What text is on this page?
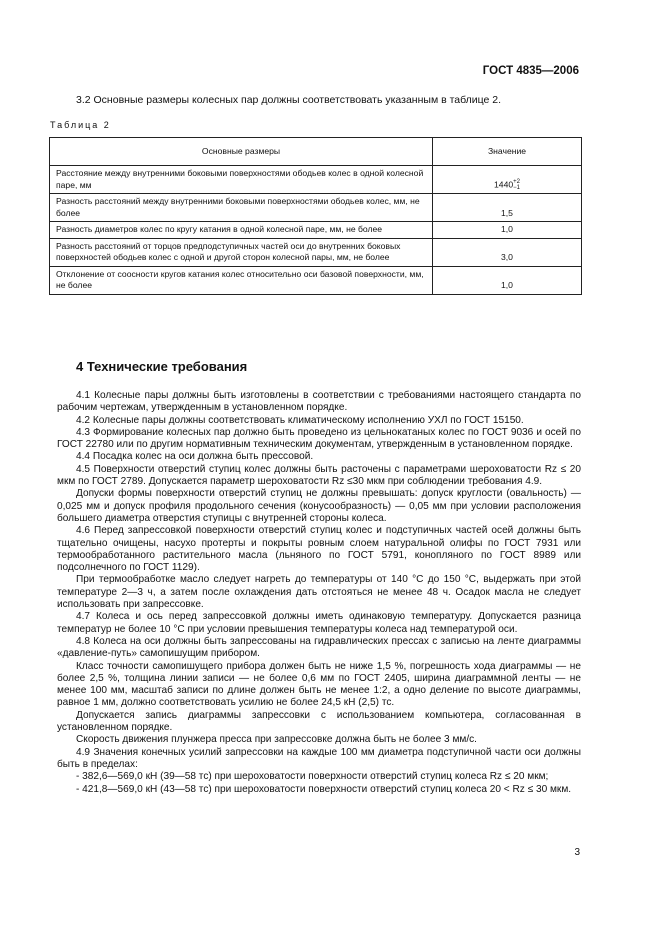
ГОСТ 4835—2006
3.2 Основные размеры колесных пар должны соответствовать указанным в таблице 2.
Таблица 2
Основные размеры	Значение
Расстояние между внутренними боковыми поверхностями ободьев колес в одной колесной паре, мм	1440+2
−1
Разность расстояний между внутренними боковыми поверхностями ободьев колес, мм, не более	1,5
Разность диаметров колес по кругу катания в одной колесной паре, мм, не более	1,0
Разность расстояний от торцов предподступичных частей оси до внутренних боковых поверхностей ободьев колес с одной и другой сторон колесной пары, мм, не более	3,0
Отклонение от соосности кругов катания колес относительно оси базовой поверхности, мм, не более	1,0
4 Технические требования

4.1 Колесные пары должны быть изготовлены в соответствии с требованиями настоящего стандарта по рабочим чертежам, утвержденным в установленном порядке.

4.2 Колесные пары должны соответствовать климатическому исполнению УХЛ по ГОСТ 15150.

4.3 Формирование колесных пар должно быть проведено из цельнокатаных колес по ГОСТ 9036 и осей по ГОСТ 22780 или по другим нормативным техническим документам, утвержденным в установленном порядке.

4.4 Посадка колес на оси должна быть прессовой.

4.5 Поверхности отверстий ступиц колес должны быть расточены с параметрами шероховатости Rz ≤ 20 мкм по ГОСТ 2789. Допускается параметр шероховатости Rz ≤30 мкм при соблюдении требования 4.9.

Допуски формы поверхности отверстий ступиц не должны превышать: допуск круглости (овальность) — 0,025 мм и допуск профиля продольного сечения (конусообразность) — 0,05 мм при условии расположения большего диаметра отверстия ступицы с внутренней стороны колеса.

4.6 Перед запрессовкой поверхности отверстий ступиц колес и подступичных частей осей должны быть тщательно очищены, насухо протерты и покрыты ровным слоем натуральной олифы по ГОСТ 7931 или термообработанного растительного масла (льняного по ГОСТ 5791, конопляного по ГОСТ 8989 или подсолнечного по ГОСТ 1129).

При термообработке масло следует нагреть до температуры от 140 °С до 150 °С, выдержать при этой температуре 2—3 ч, а затем после охлаждения дать отстояться не менее 48 ч. Осадок масла не следует использовать при запрессовке.

4.7 Колеса и ось перед запрессовкой должны иметь одинаковую температуру. Допускается разница температур не более 10 °С при условии превышения температуры колеса над температурой оси.

4.8 Колеса на оси должны быть запрессованы на гидравлических прессах с записью на ленте диаграммы «давление-путь» самопишущим прибором.

Класс точности самопишущего прибора должен быть не ниже 1,5 %, погрешность хода диаграммы — не более 2,5 %, толщина линии записи — не более 0,6 мм по ГОСТ 2405, ширина диаграммной ленты — не менее 100 мм, масштаб записи по длине должен быть не менее 1:2, а одно деление по высоте диаграммы, равное 1 мм, должно соответствовать усилию не более 24,5 кН (2,5) тс.

Допускается запись диаграммы запрессовки с использованием компьютера, согласованная в установленном порядке.

Скорость движения плунжера пресса при запрессовке должна быть не более 3 мм/с.

4.9 Значения конечных усилий запрессовки на каждые 100 мм диаметра подступичной части оси должны быть в пределах:

- 382,6—569,0 кН (39—58 тс) при шероховатости поверхности отверстий ступиц колеса Rz ≤ 20 мкм;

- 421,8—569,0 кН (43—58 тс) при шероховатости поверхности отверстий ступиц колеса 20 < Rz ≤ 30 мкм.

3
